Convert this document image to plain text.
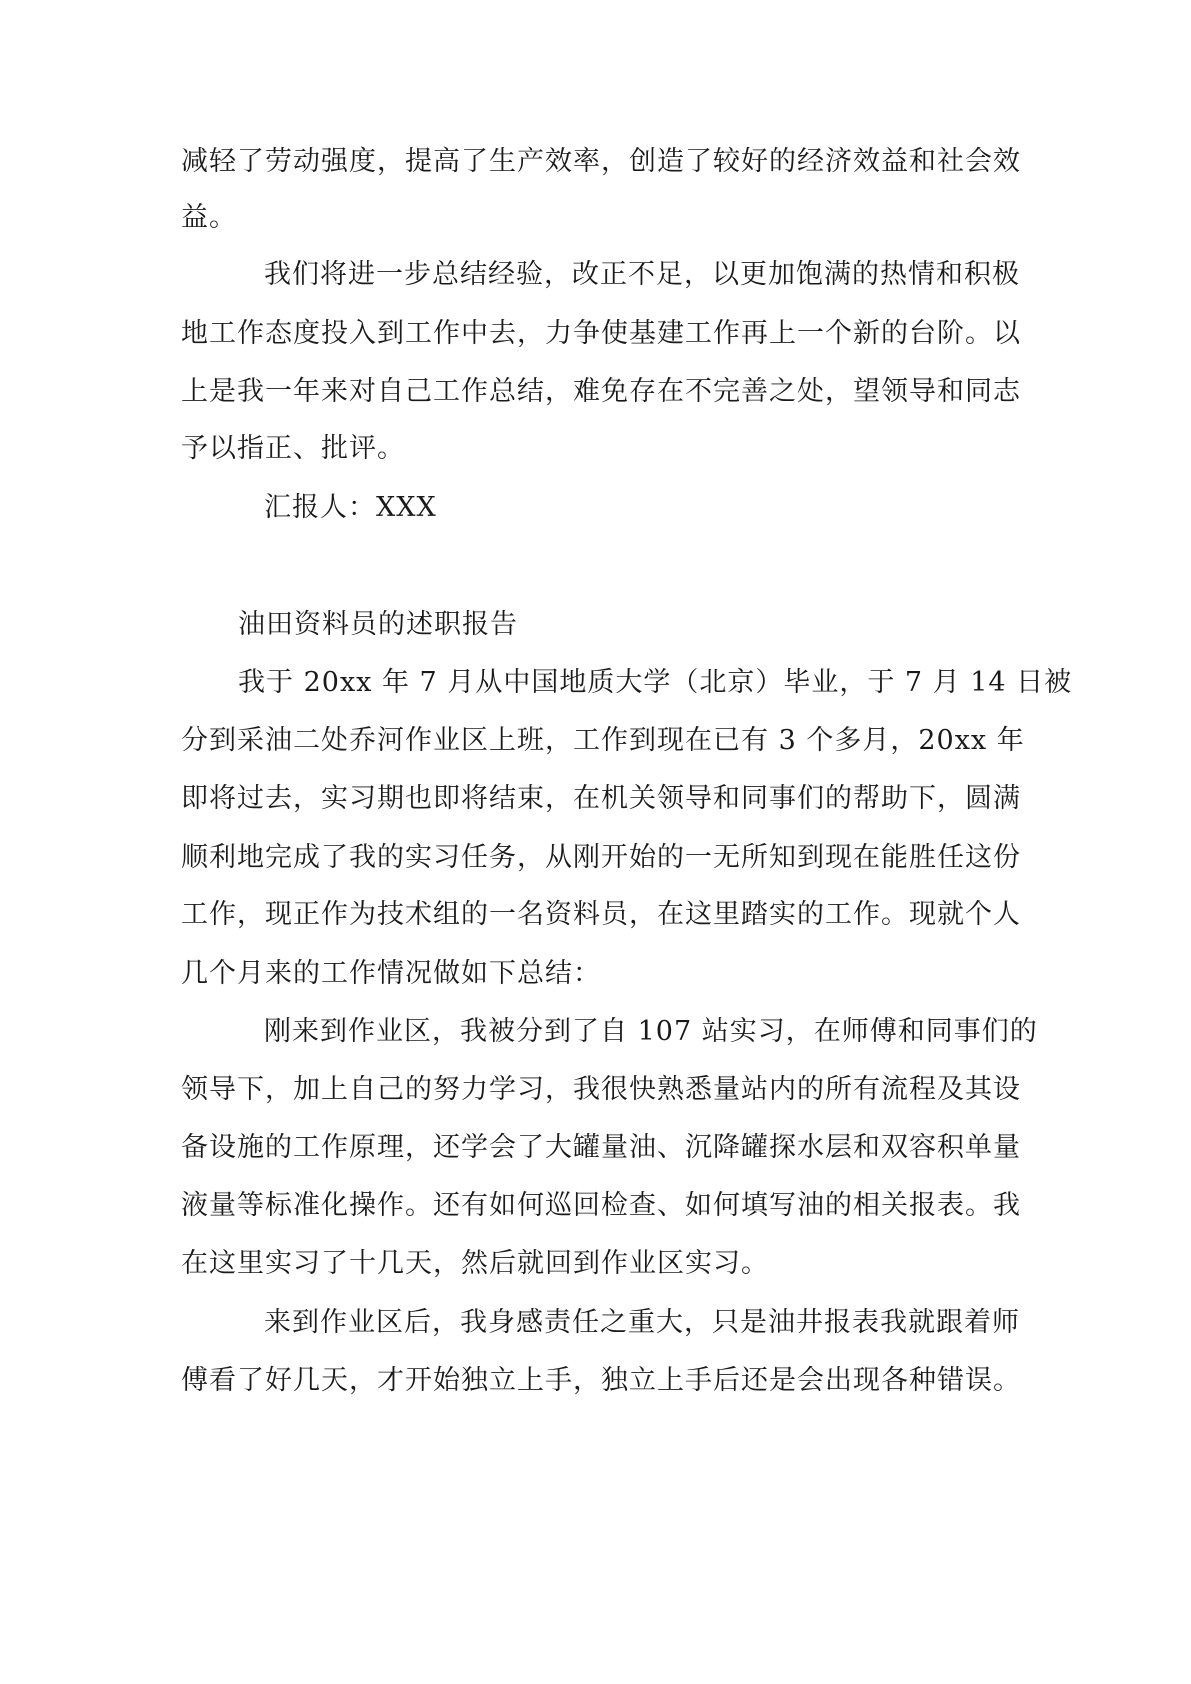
减轻了劳动强度，提高了生产效率，创造了较好的经济效益和社会效
益。
我们将进一步总结经验，改正不足，以更加饱满的热情和积极
地工作态度投入到工作中去，力争使基建工作再上一个新的台阶。以
上是我一年来对自己工作总结，难免存在不完善之处，望领导和同志
予以指正、批评。
汇报人：XXX
油田资料员的述职报告
我于 20xx 年 7 月从中国地质大学（北京）毕业，于 7 月 14 日被
分到采油二处乔河作业区上班，工作到现在已有 3 个多月，20xx 年
即将过去，实习期也即将结束，在机关领导和同事们的帮助下，圆满
顺利地完成了我的实习任务，从刚开始的一无所知到现在能胜任这份
工作，现正作为技术组的一名资料员，在这里踏实的工作。现就个人
几个月来的工作情况做如下总结：
刚来到作业区，我被分到了自 107 站实习，在师傅和同事们的
领导下，加上自己的努力学习，我很快熟悉量站内的所有流程及其设
备设施的工作原理，还学会了大罐量油、沉降罐探水层和双容积单量
液量等标准化操作。还有如何巡回检查、如何填写油的相关报表。我
在这里实习了十几天，然后就回到作业区实习。
来到作业区后，我身感责任之重大，只是油井报表我就跟着师
傅看了好几天，才开始独立上手，独立上手后还是会出现各种错误。
